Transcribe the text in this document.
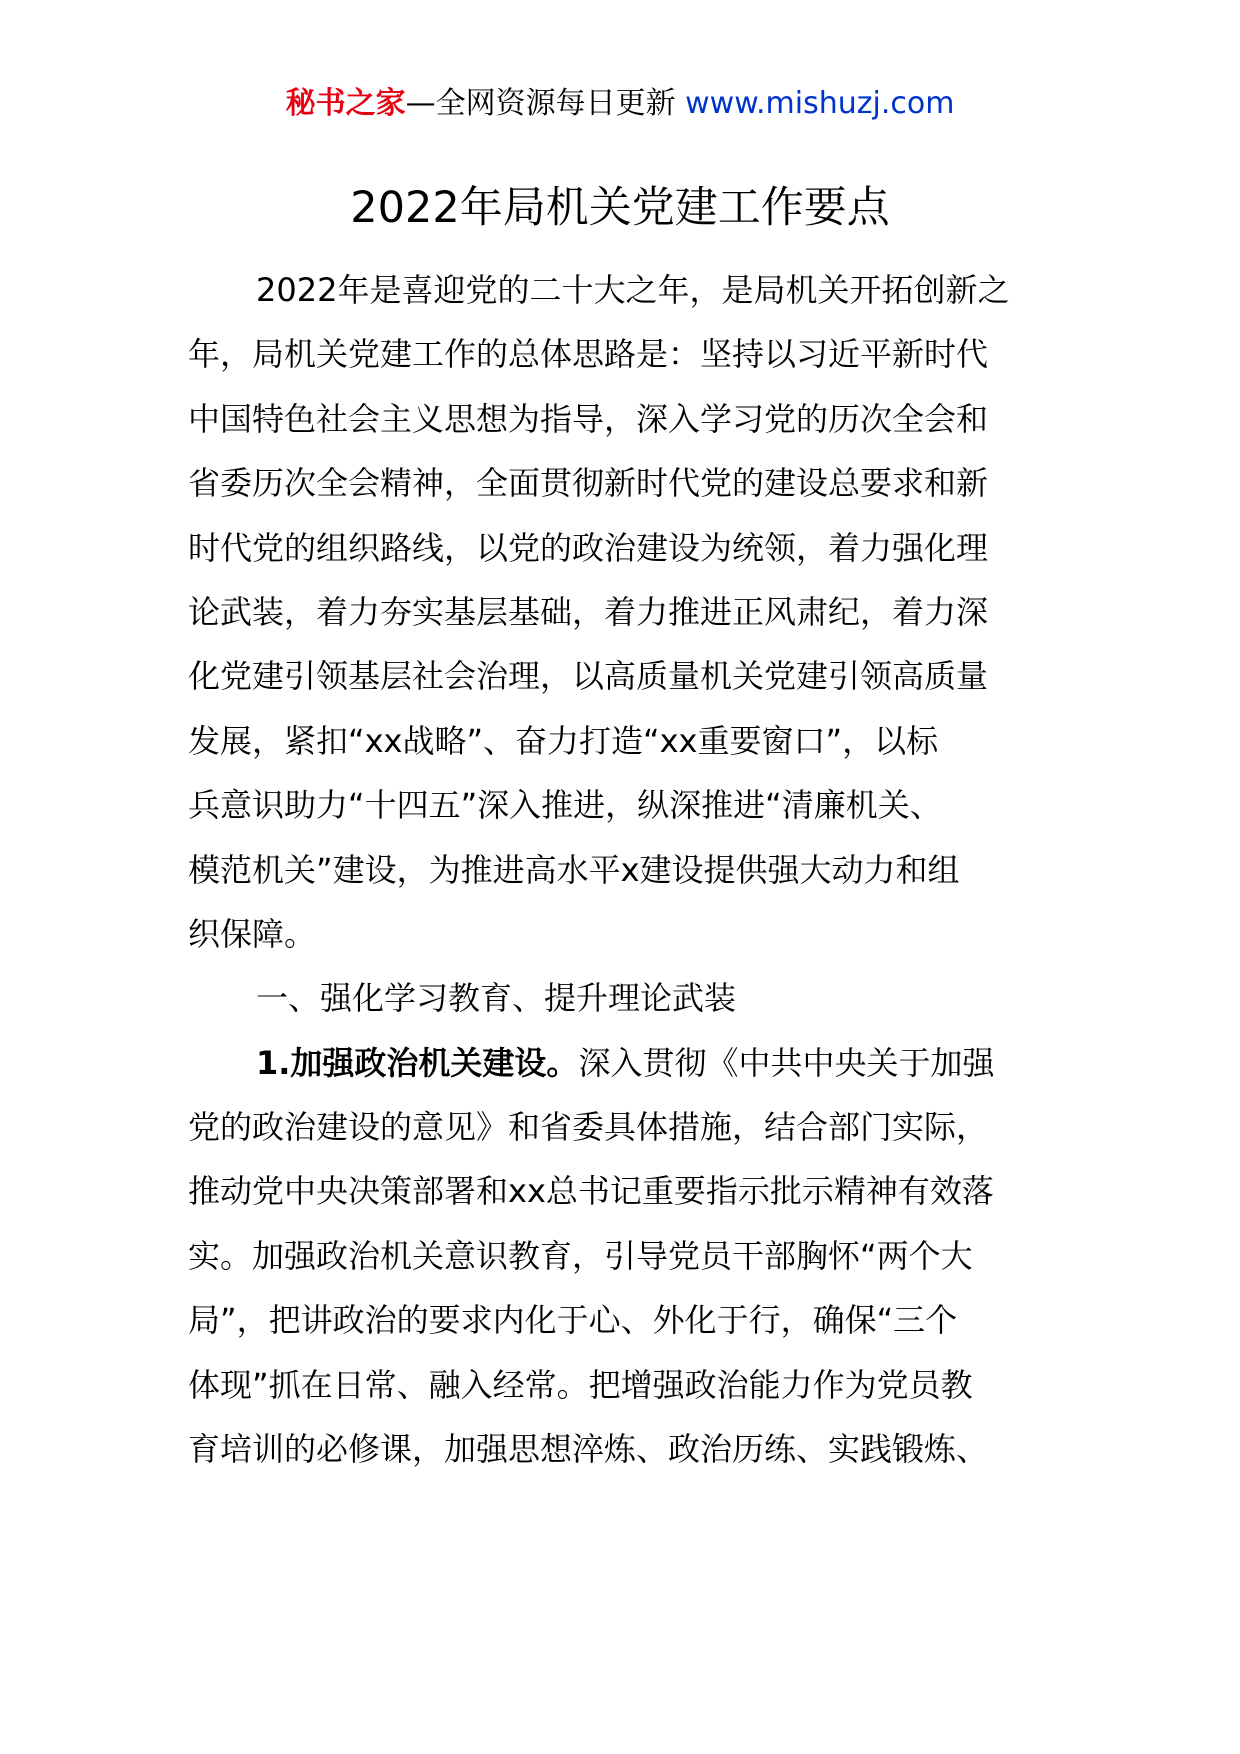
秘书之家—全网资源每日更新 www.mishuzj.com
2022年局机关党建工作要点
2022年是喜迎党的二十大之年，是局机关开拓创新之
年，局机关党建工作的总体思路是：坚持以习近平新时代
中国特色社会主义思想为指导，深入学习党的历次全会和
省委历次全会精神，全面贯彻新时代党的建设总要求和新
时代党的组织路线，以党的政治建设为统领，着力强化理
论武装，着力夯实基层基础，着力推进正风肃纪，着力深
化党建引领基层社会治理，以高质量机关党建引领高质量
发展，紧扣“xx战略”、奋力打造“xx重要窗口”，以标
兵意识助力“十四五”深入推进，纵深推进“清廉机关、
模范机关”建设，为推进高水平x建设提供强大动力和组
织保障。
一、强化学习教育、提升理论武装
1.加强政治机关建设。深入贯彻《中共中央关于加强
党的政治建设的意见》和省委具体措施，结合部门实际，
推动党中央决策部署和xx总书记重要指示批示精神有效落
实。加强政治机关意识教育，引导党员干部胸怀“两个大
局”，把讲政治的要求内化于心、外化于行，确保“三个
体现”抓在日常、融入经常。把增强政治能力作为党员教
育培训的必修课，加强思想淬炼、政治历练、实践锻炼、
